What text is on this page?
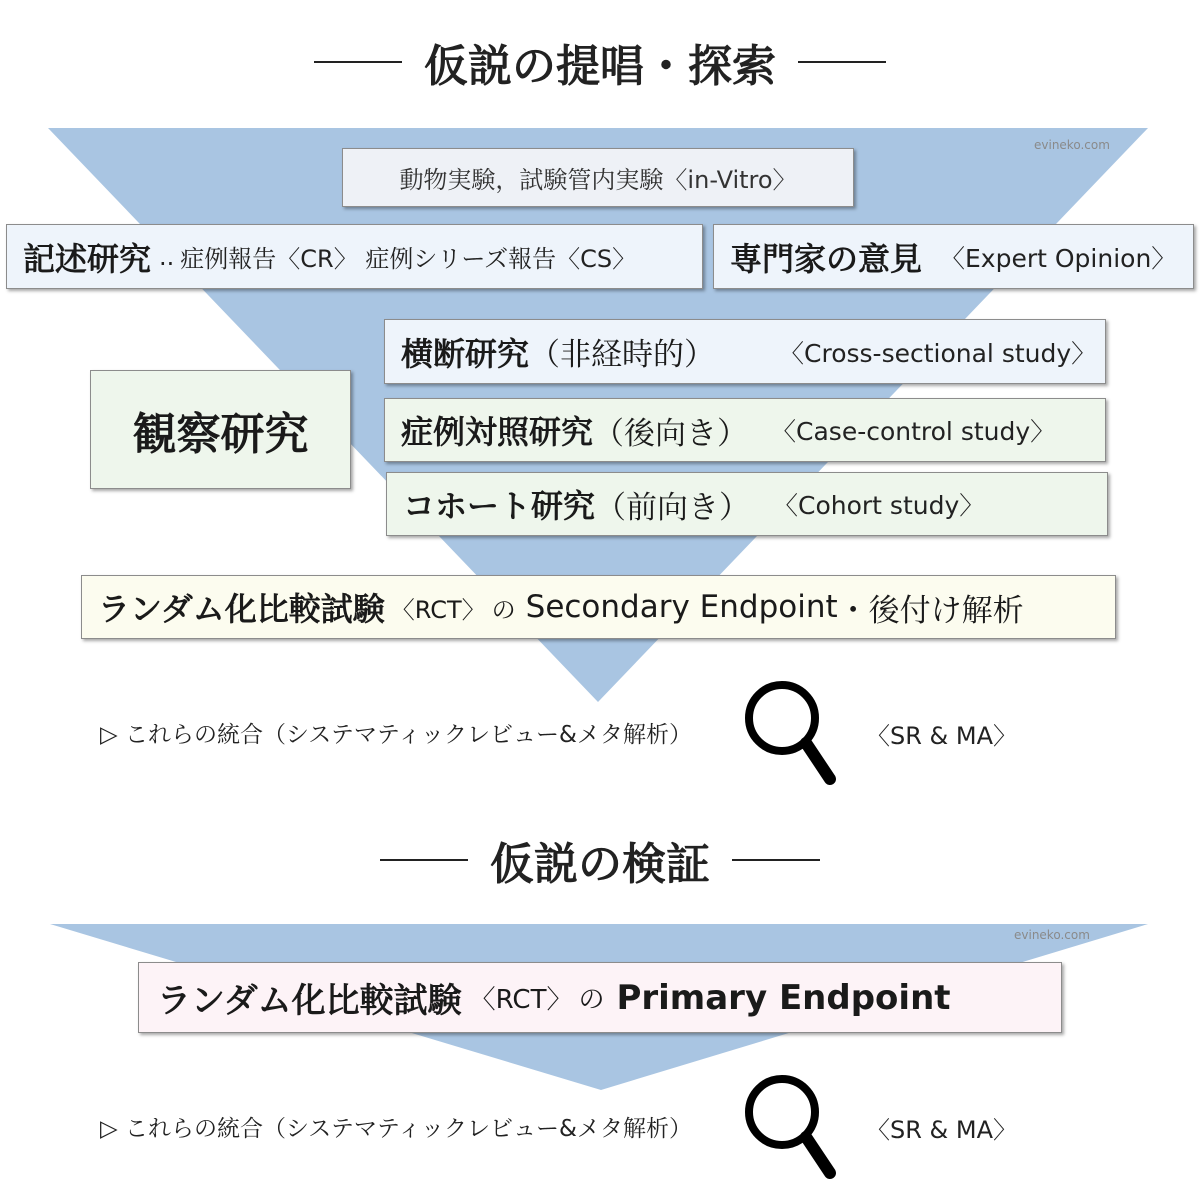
仮説の提唱・探索
evineko.com
動物実験，試験管内実験〈in-Vitro〉
記述研究 .. 症例報告〈CR〉 症例シリーズ報告〈CS〉	専門家の意見 〈Expert Opinion〉
観察研究
横断研究 （非経時的）	〈Cross-sectional study〉
症例対照研究 （後向き） 〈Case-control study〉
コホート研究 （前向き） 〈Cohort study〉
ランダム化比較試験 〈RCT〉 の Secondary Endpoint ・後付け解析
▷ これらの統合（システマティックレビュー&メタ解析）	〈SR & MA〉
仮説の検証
evineko.com
ランダム化比較試験 〈RCT〉 の Primary Endpoint
▷ これらの統合（システマティックレビュー&メタ解析）	〈SR & MA〉
